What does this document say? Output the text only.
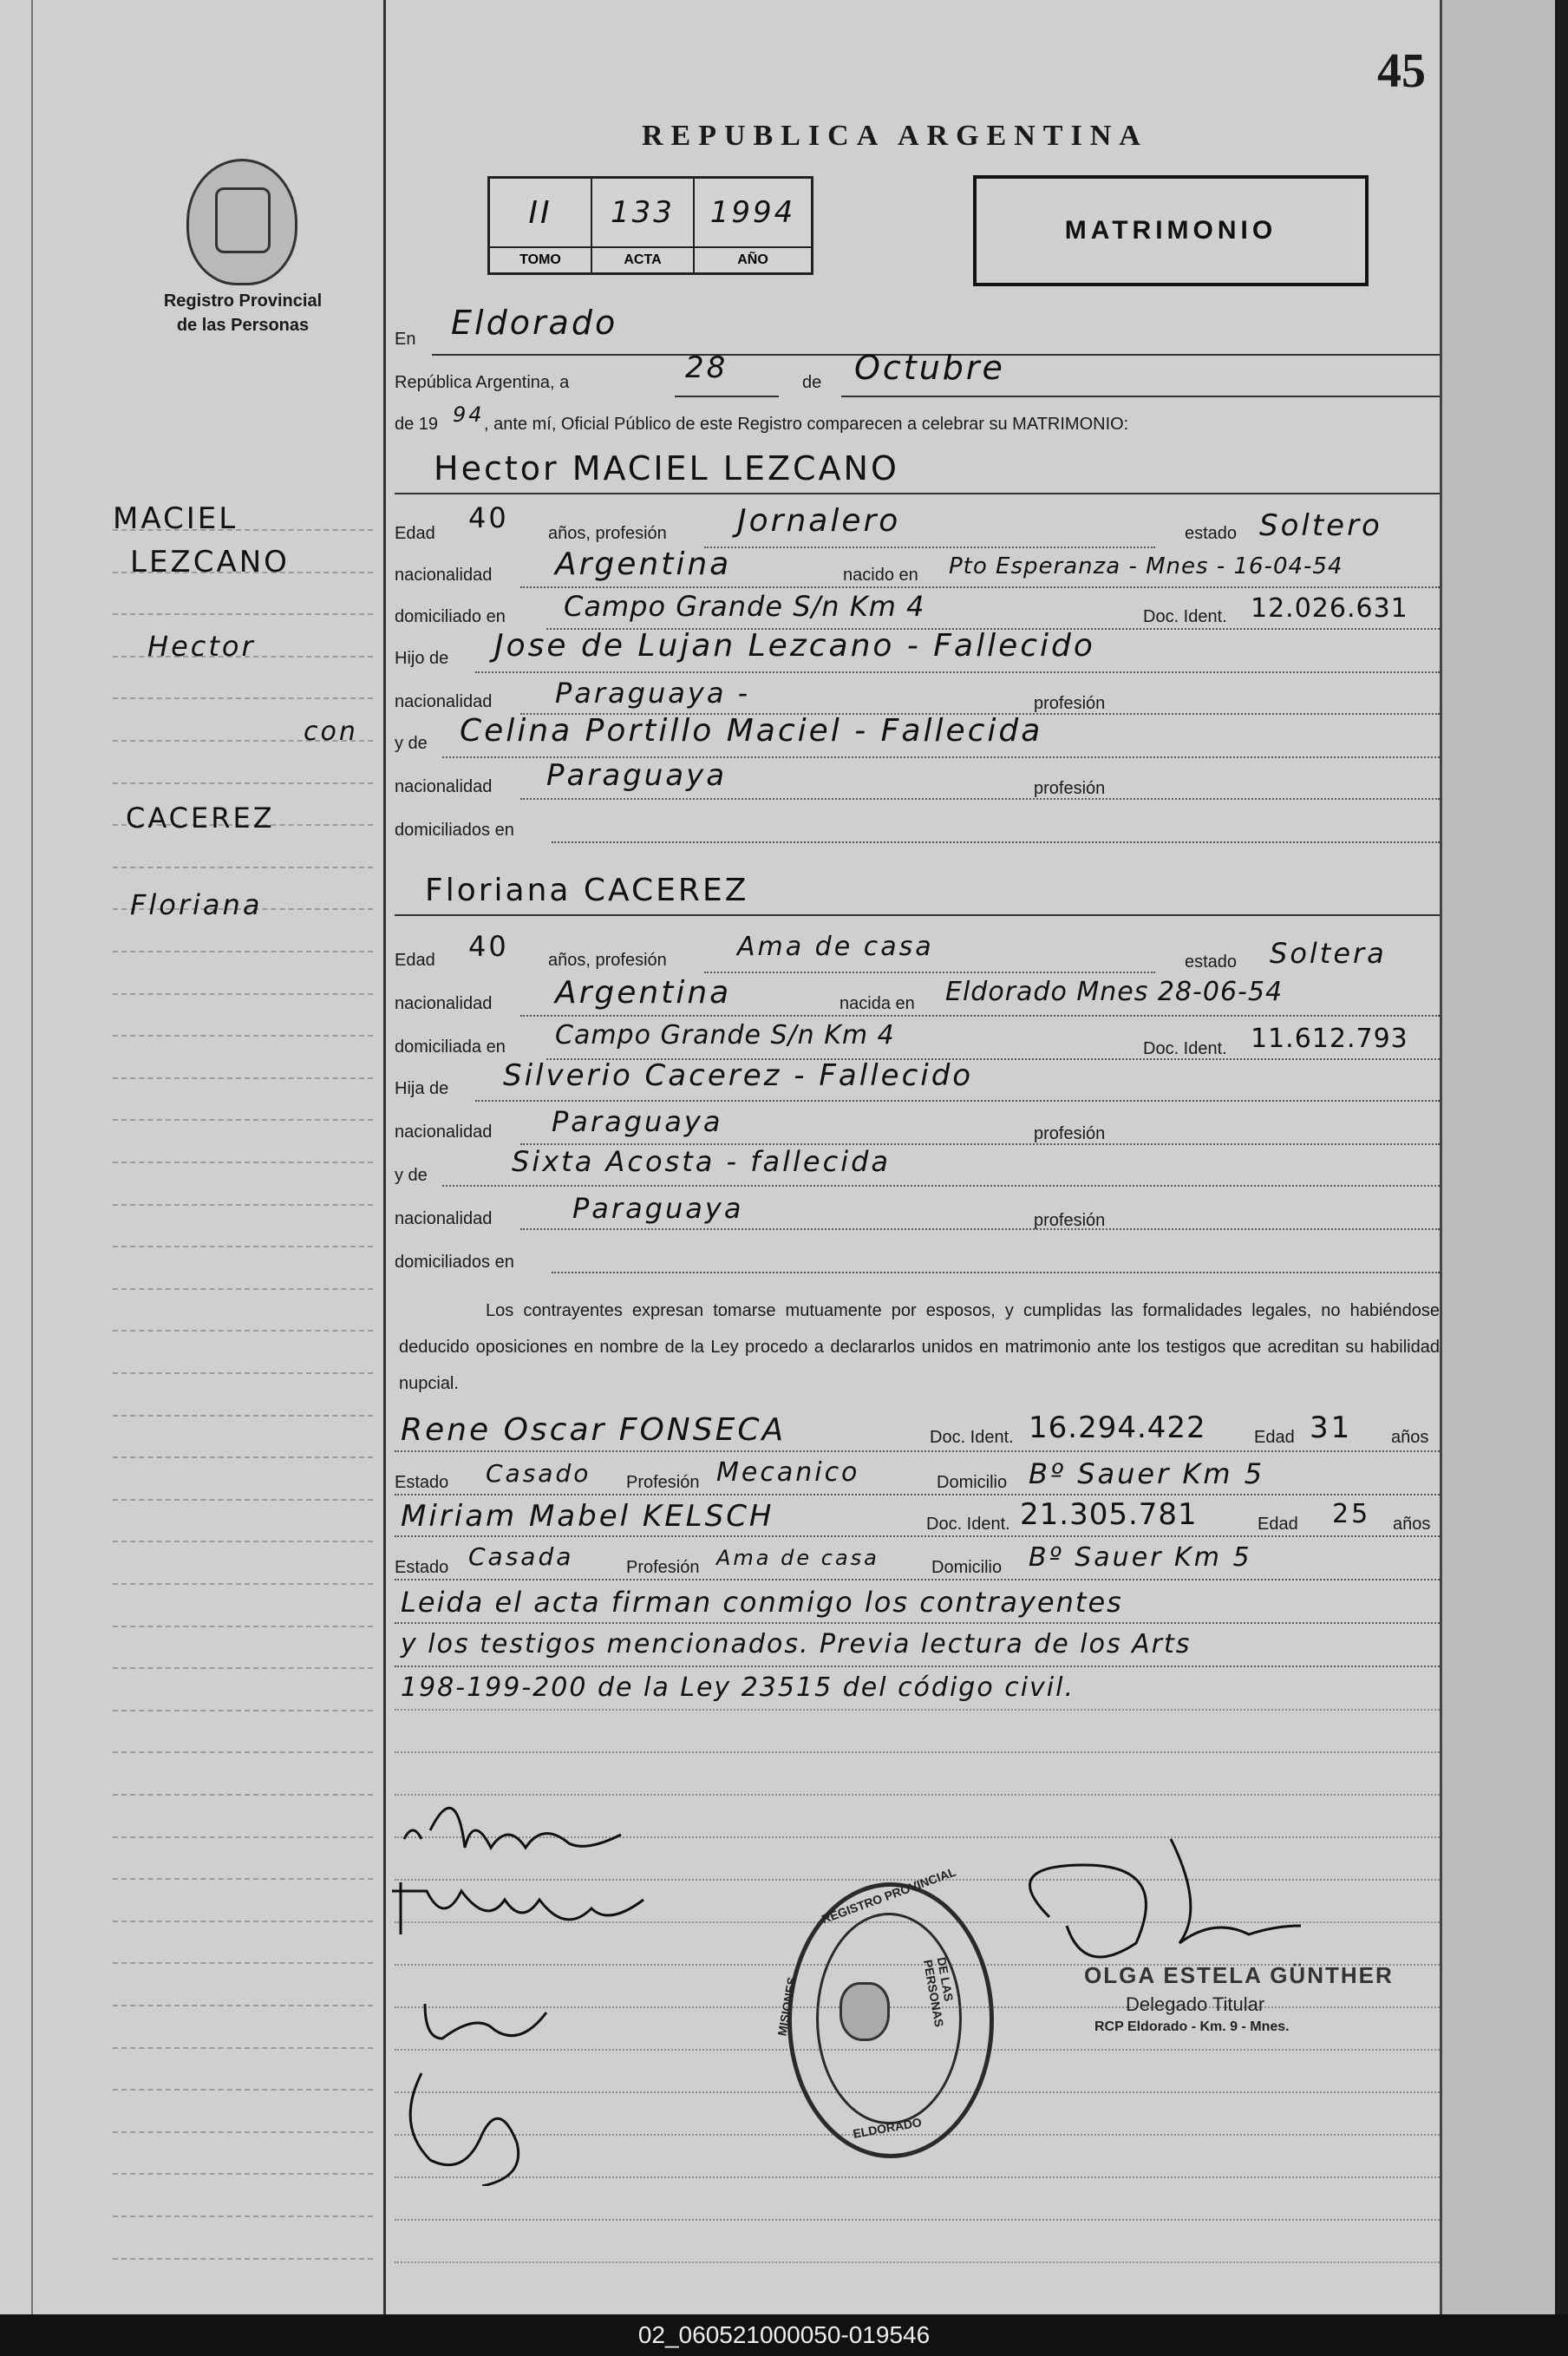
45
Registro Provincial
de las Personas
REPUBLICA ARGENTINA
II	133	1994
TOMO	ACTA	AÑO
MATRIMONIO
MACIEL
LEZCANO
Hector
con
CACEREZ
Floriana
En Eldorado
República Argentina, a	28	de Octubre
de 19 94 , ante mí, Oficial Público de este Registro comparecen a celebrar su MATRIMONIO:
Hector MACIEL LEZCANO
Edad 40 años, profesión Jornalero	estado Soltero
nacionalidad Argentina	nacido en Pto Esperanza - Mnes - 16-04-54
domiciliado en Campo Grande S/n Km 4	Doc. Ident. 12.026.631
Hijo de Jose de Lujan Lezcano - Fallecido
nacionalidad Paraguaya -	profesión
y de Celina Portillo Maciel - Fallecida
nacionalidad Paraguaya	profesión
domiciliados en
Floriana CACEREZ
Edad 40 años, profesión	Ama de casa	estado Soltera
nacionalidad Argentina	nacida en Eldorado Mnes 28-06-54
domiciliada en Campo Grande S/n Km 4	Doc. Ident. 11.612.793
Hija de Silverio Cacerez - Fallecido
nacionalidad Paraguaya	profesión
y de	Sixta Acosta - fallecida
nacionalidad	Paraguaya	profesión
domiciliados en
Los contrayentes expresan tomarse mutuamente por esposos, y cumplidas las formalidades legales, no habiéndose deducido oposiciones en nombre de la Ley procedo a declararlos unidos en matrimonio ante los testigos que acreditan su habilidad nupcial.
Rene Oscar FONSECA	Doc. Ident. 16.294.422	Edad 31 años
Estado Casado Profesión Mecanico	Domicilio Bº Sauer Km 5
Miriam Mabel KELSCH	Doc. Ident. 21.305.781	Edad 25 años
Estado Casada	Profesión Ama de casa	Domicilio Bº Sauer Km 5
Leida el acta firman conmigo los contrayentes
y los testigos mencionados. Previa lectura de los Arts
198-199-200 de la Ley 23515 del código civil.
OLGA ESTELA GÜNTHER
Delegado Titular
RCP Eldorado - Km. 9 - Mnes.
REGISTRO PROVINCIAL
DE LAS PERSONAS
ELDORADO
MISIONES
02_060521000050-019546
